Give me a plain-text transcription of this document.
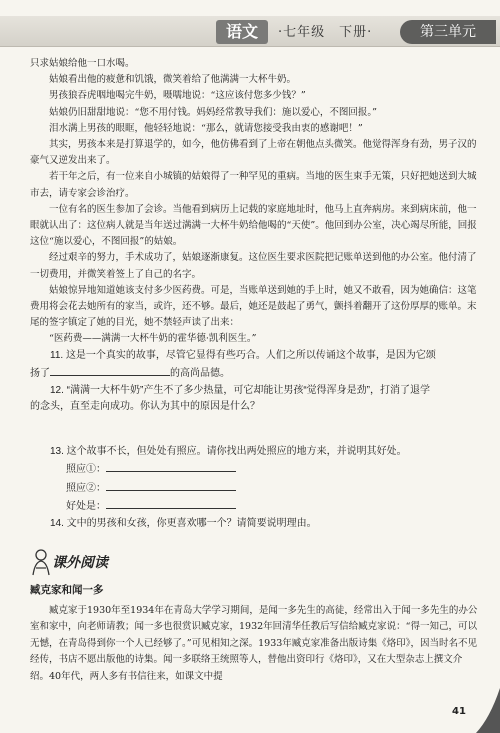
语文	·七年级　下册·	第三单元

只求姑娘给他一口水喝。

姑娘看出他的疲惫和饥饿，微笑着给了他满满一大杯牛奶。

男孩狼吞虎咽地喝完牛奶，嗫嚅地说：“这应该付您多少钱？”

姑娘仍旧甜甜地说：“您不用付钱。妈妈经常教导我们：施以爱心，不图回报。”

泪水满上男孩的眼眶，他轻轻地说：“那么，就请您接受我由衷的感谢吧！”

其实，男孩本来是打算退学的，如今，他仿佛看到了上帝在朝他点头微笑。他觉得浑身有劲，男子汉的豪气又逆发出来了。

若干年之后，有一位来自小城镇的姑娘得了一种罕见的重病。当地的医生束手无策，只好把她送到大城市去，请专家会诊治疗。

一位有名的医生参加了会诊。当他看到病历上记载的家庭地址时，他马上直奔病房。来到病床前，他一眼就认出了：这位病人就是当年送过满满一大杯牛奶给他喝的“天使”。他回到办公室，决心竭尽所能，回报这位“施以爱心，不图回报”的姑娘。

经过艰辛的努力，手术成功了，姑娘逐渐康复。这位医生要求医院把记账单送到他的办公室。他付清了一切费用，并微笑着签上了自己的名字。

姑娘惊异地知道她该支付多少医药费。可是，当账单送到她的手上时，她又不敢看，因为她确信：这笔费用将会花去她所有的家当，或许，还不够。最后，她还是鼓起了勇气，颤抖着翻开了这份厚厚的账单。末尾的签字镇定了她的目光，她不禁轻声读了出来：

“医药费——满满一大杯牛奶的霍华德·凯利医生。”

11. 这是一个真实的故事，尽管它显得有些巧合。人们之所以传诵这个故事，是因为它颂

扬了	的高尚品德。

12. “满满一大杯牛奶”产生不了多少热量，可它却能让男孩“觉得浑身是劲”，打消了退学

的念头，直至走向成功。你认为其中的原因是什么？

13. 这个故事不长，但处处有照应。请你找出两处照应的地方来，并说明其好处。

照应①：

照应②：

好处是：

14. 文中的男孩和女孩，你更喜欢哪一个？请简要说明理由。

课外阅读

臧克家和闻一多

臧克家于1930年至1934年在青岛大学学习期间，是闻一多先生的高徒，经常出入于闻一多先生的办公室和家中，向老师请教；闻一多也很赏识臧克家，1932年回清华任教后写信给臧克家说：“得一知己，可以无憾，在青岛得到你一个人已经够了。”可见相知之深。1933年臧克家准备出版诗集《烙印》，因当时名不见经传，书店不愿出版他的诗集。闻一多联络王统照等人，替他出资印行《烙印》，又在大型杂志上撰文介绍。40年代，两人多有书信往来，如课文中提

41
